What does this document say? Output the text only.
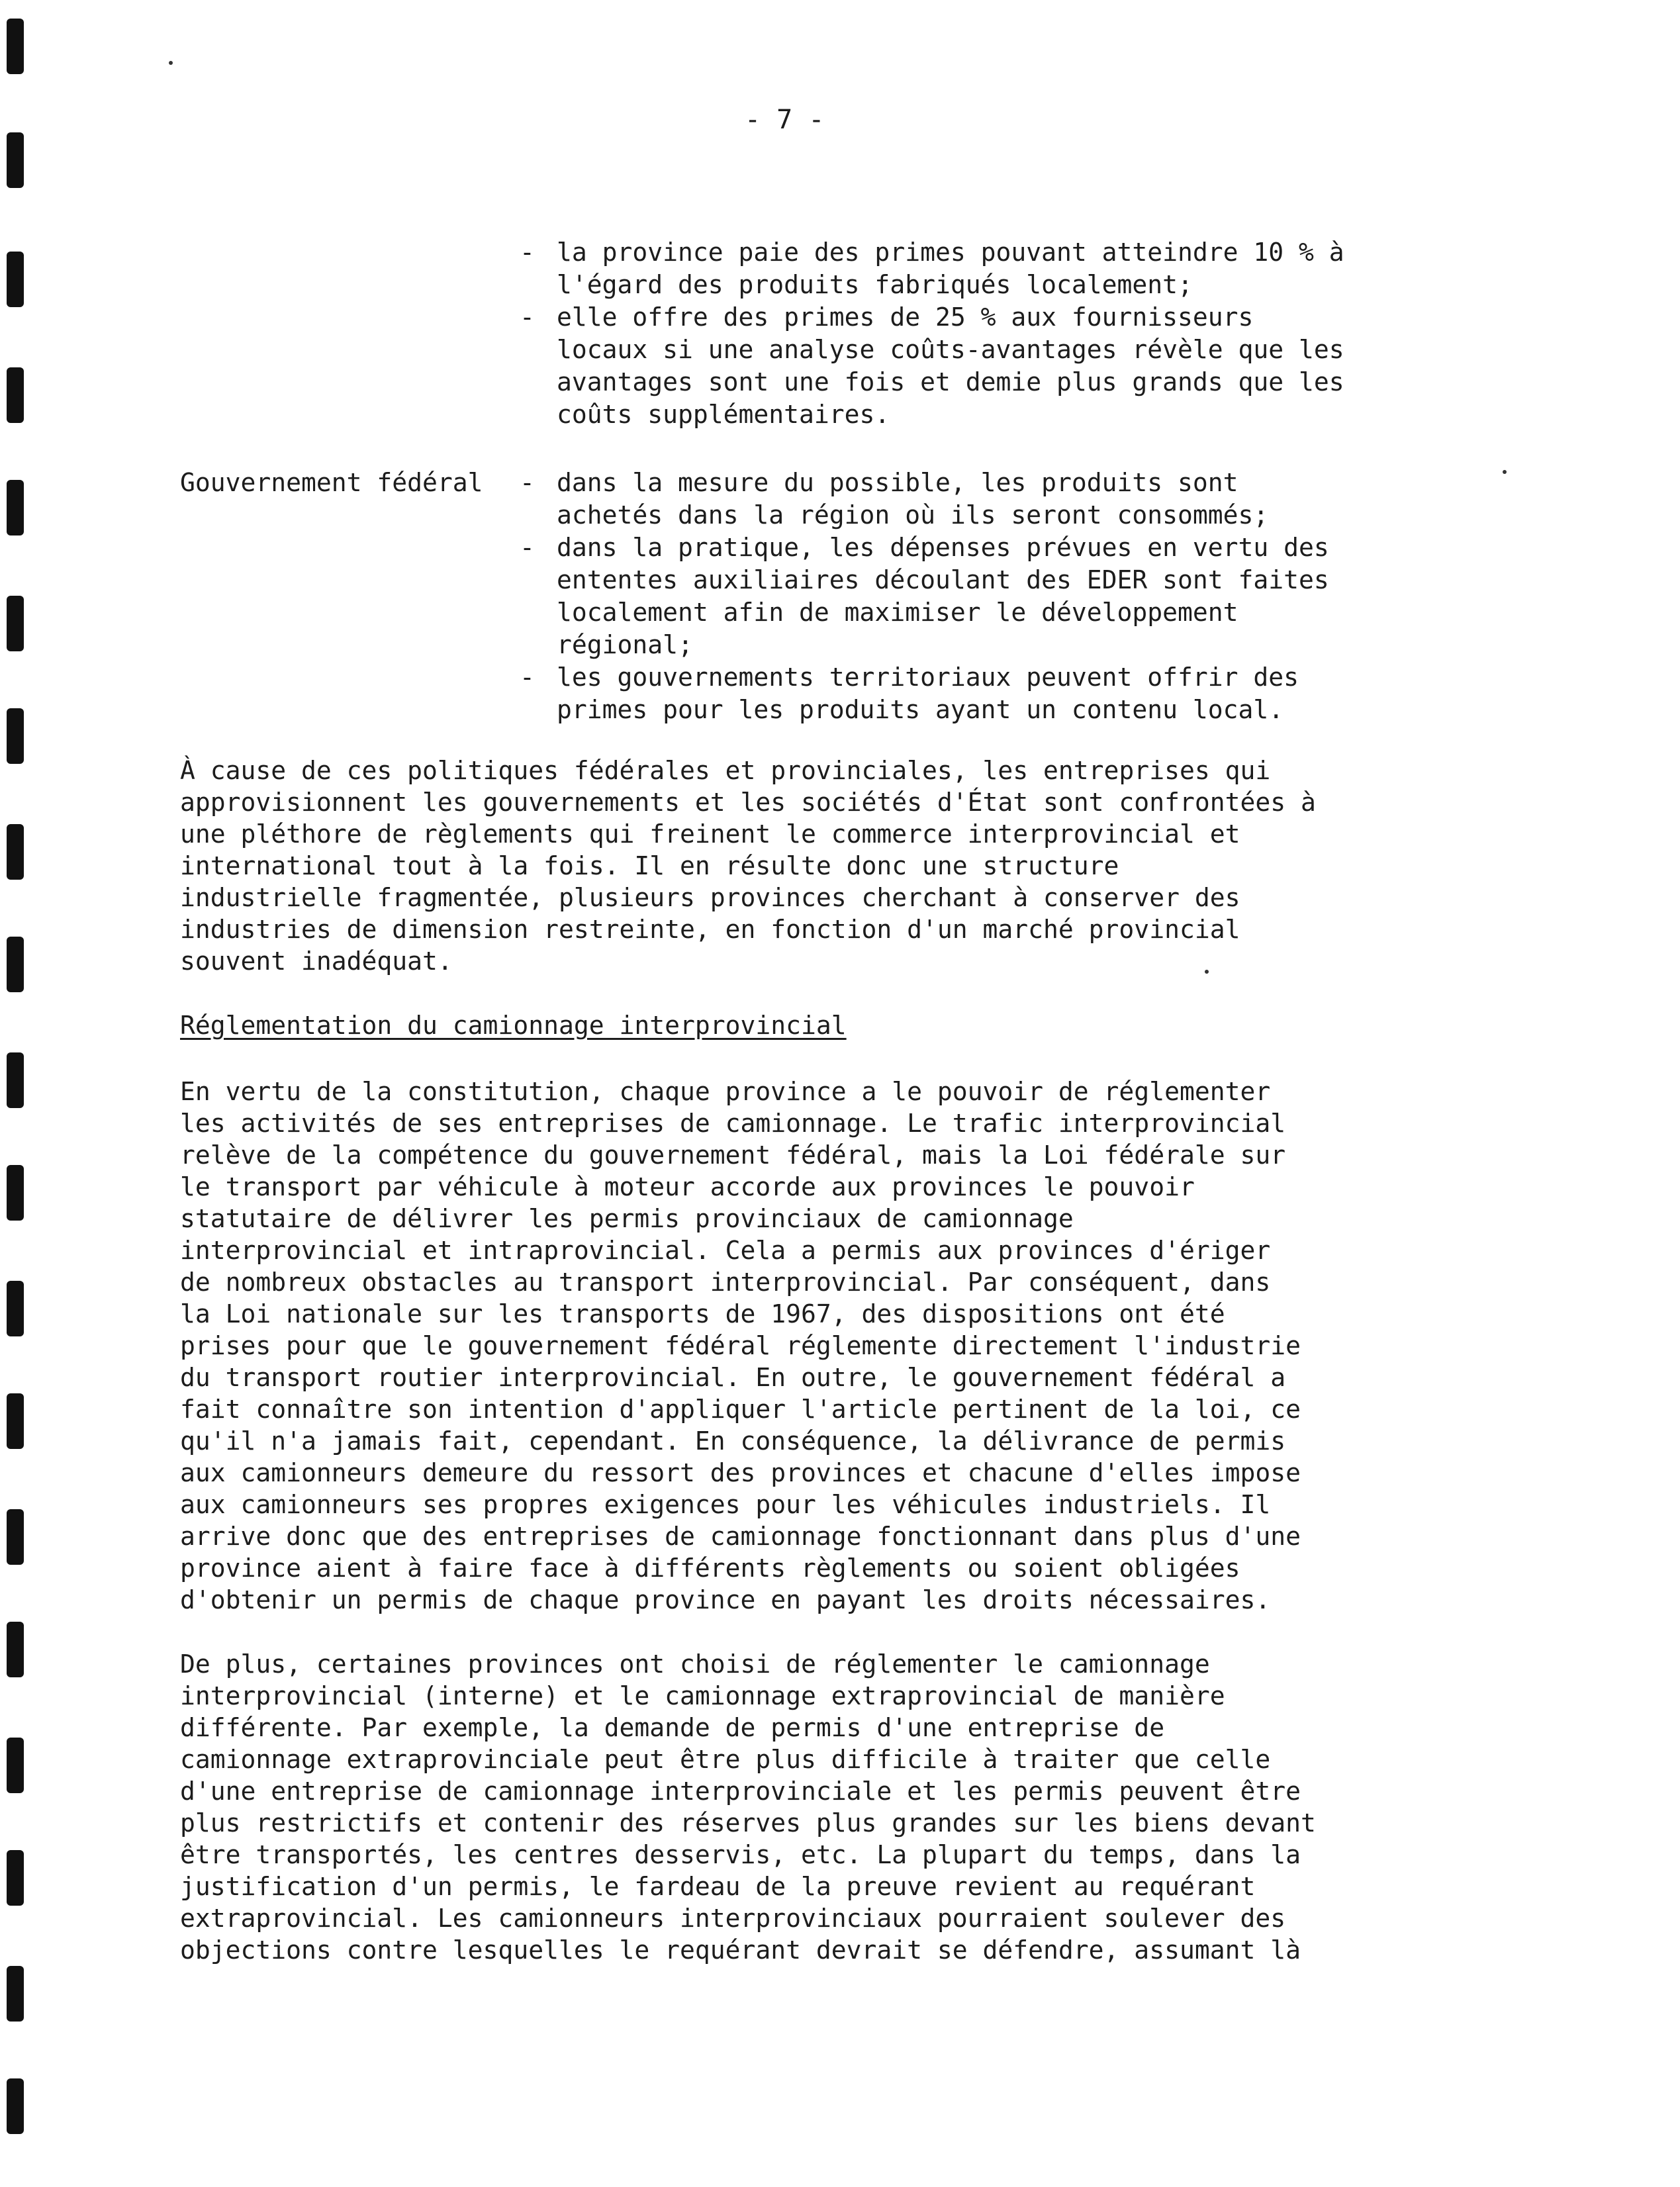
- 7 -
- la province paie des primes pouvant atteindre 10 % à
l'égard des produits fabriqués localement;
- elle offre des primes de 25 % aux fournisseurs
locaux si une analyse coûts-avantages révèle que les
avantages sont une fois et demie plus grands que les
coûts supplémentaires.
Gouvernement fédéral - dans la mesure du possible, les produits sont
achetés dans la région où ils seront consommés;
- dans la pratique, les dépenses prévues en vertu des
ententes auxiliaires découlant des EDER sont faites
localement afin de maximiser le développement
régional;
- les gouvernements territoriaux peuvent offrir des
primes pour les produits ayant un contenu local.

À cause de ces politiques fédérales et provinciales, les entreprises qui
approvisionnent les gouvernements et les sociétés d'État sont confrontées à
une pléthore de règlements qui freinent le commerce interprovincial et
international tout à la fois. Il en résulte donc une structure
industrielle fragmentée, plusieurs provinces cherchant à conserver des
industries de dimension restreinte, en fonction d'un marché provincial
souvent inadéquat.

Réglementation du camionnage interprovincial

En vertu de la constitution, chaque province a le pouvoir de réglementer
les activités de ses entreprises de camionnage. Le trafic interprovincial
relève de la compétence du gouvernement fédéral, mais la Loi fédérale sur
le transport par véhicule à moteur accorde aux provinces le pouvoir
statutaire de délivrer les permis provinciaux de camionnage
interprovincial et intraprovincial. Cela a permis aux provinces d'ériger
de nombreux obstacles au transport interprovincial. Par conséquent, dans
la Loi nationale sur les transports de 1967, des dispositions ont été
prises pour que le gouvernement fédéral réglemente directement l'industrie
du transport routier interprovincial. En outre, le gouvernement fédéral a
fait connaître son intention d'appliquer l'article pertinent de la loi, ce
qu'il n'a jamais fait, cependant. En conséquence, la délivrance de permis
aux camionneurs demeure du ressort des provinces et chacune d'elles impose
aux camionneurs ses propres exigences pour les véhicules industriels. Il
arrive donc que des entreprises de camionnage fonctionnant dans plus d'une
province aient à faire face à différents règlements ou soient obligées
d'obtenir un permis de chaque province en payant les droits nécessaires.

De plus, certaines provinces ont choisi de réglementer le camionnage
interprovincial (interne) et le camionnage extraprovincial de manière
différente. Par exemple, la demande de permis d'une entreprise de
camionnage extraprovinciale peut être plus difficile à traiter que celle
d'une entreprise de camionnage interprovinciale et les permis peuvent être
plus restrictifs et contenir des réserves plus grandes sur les biens devant
être transportés, les centres desservis, etc. La plupart du temps, dans la
justification d'un permis, le fardeau de la preuve revient au requérant
extraprovincial. Les camionneurs interprovinciaux pourraient soulever des
objections contre lesquelles le requérant devrait se défendre, assumant là
